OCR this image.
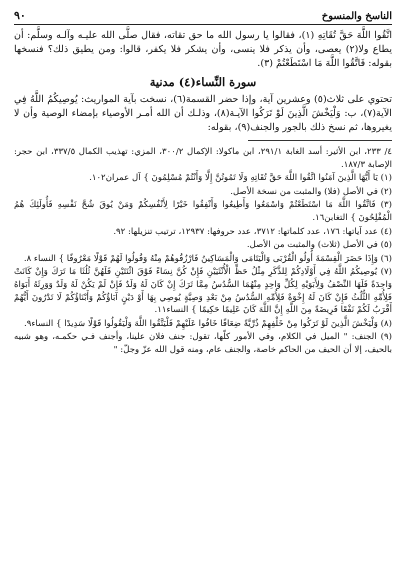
الناسخ والمنسوخ
٩٠

اتَّقُوا اللَّهَ حَقَّ تُقَاتِهِ (١)، فقالوا يا رسول الله ما حق تقاته، فقال صلَّى الله عليـه وآلـه وسلَّم: أن يطاع ولا(٢) يعصى، وأن يذكر فلا ينسى، وأن يشكر فلا يكفر، قالوا: ومن يطيق ذلك؟ فنسخها بقوله: فَاتَّقُوا اللَّهَ مَا اسْتَطَعْتُمْ (٣).

سورة النِّساء(٤) مدنية

تحتوي على ثلاث(٥) وعشرين آية، وإذا حضر القسمة(٦)، نسخت بآية المواريث: يُوصِيكُمُ اللَّهُ فِي الآية(٧)، ب: وَلْيَخْشَ الَّذِينَ لَوْ تَرَكُوا الآيـة(٨)، وذلـك أن الله أمـر الأوصياء بإمضاء الوصية وأن لا يغيروها، ثم نسخ ذلك بالجور والجنف(٩)، بقوله:

٤/ ٢٣٣، ابن الأثير: أسد الغابة ٢٩١/١، ابن ماكولا: الإكمال ٣٠٠/٢، المزي: تهذيب الكمال ٣٣٧/٥، ابن حجر: الإصابة ١٨٧/٣.

(١) يَا أَيُّهَا الَّذِينَ آمَنُوا اتَّقُوا اللَّهَ حَقَّ تُقَاتِهِ وَلَا تَمُوتُنَّ إِلَّا وَأَنْتُمْ مُسْلِمُونَ } آل عمران١٠٢.

(٢) في الأصل (فلا) والمثبت من نسخة الأصل.

(٣) فَاتَّقُوا اللَّهَ مَا اسْتَطَعْتُمْ وَاسْمَعُوا وَأَطِيعُوا وَأَنْفِقُوا خَيْرًا لِأَنْفُسِكُمْ وَمَنْ يُوقَ شُحَّ نَفْسِهِ فَأُولَئِكَ هُمُ الْمُفْلِحُونَ } التغابن١٦.

(٤) عدد آياتها: ١٧٦، عدد كلماتها: ٣٧١٢، عدد حروفها: ١٢٩٣٧، ترتيب تنزيلها: ٩٢.

(٥) في الأصل (ثلاث) والمثبت من الأصل.

(٦) وَإِذَا حَضَرَ الْقِسْمَةَ أُولُو الْقُرْبَى وَالْيَتَامَى وَالْمَسَاكِينُ فَارْزُقُوهُمْ مِنْهُ وَقُولُوا لَهُمْ قَوْلًا مَعْرُوفًا } النساء ٨.

(٧) يُوصِيكُمُ اللَّهُ فِي أَوْلَادِكُمْ لِلذَّكَرِ مِثْلُ حَظِّ الْأُنْثَيَيْنِ فَإِنْ كُنَّ نِسَاءً فَوْقَ اثْنَتَيْنِ فَلَهُنَّ ثُلُثَا مَا تَرَكَ وَإِنْ كَانَتْ وَاحِدَةً فَلَهَا النِّصْفُ وَلِأَبَوَيْهِ لِكُلِّ وَاحِدٍ مِنْهُمَا السُّدُسُ مِمَّا تَرَكَ إِنْ كَانَ لَهُ وَلَدٌ فَإِنْ لَمْ يَكُنْ لَهُ وَلَدٌ وَوَرِثَهُ أَبَوَاهُ فَلِأُمِّهِ الثُّلُثُ فَإِنْ كَانَ لَهُ إِخْوَةٌ فَلِأُمِّهِ السُّدُسُ مِنْ بَعْدِ وَصِيَّةٍ يُوصِي بِهَا أَوْ دَيْنٍ آبَاؤُكُمْ وَأَبْنَاؤُكُمْ لَا تَدْرُونَ أَيُّهُمْ أَقْرَبُ لَكُمْ نَفْعًا فَرِيضَةً مِنَ اللَّهِ إِنَّ اللَّهَ كَانَ عَلِيمًا حَكِيمًا } النساء١١.

(٨) وَلْيَخْشَ الَّذِينَ لَوْ تَرَكُوا مِنْ خَلْفِهِمْ ذُرِّيَّةً ضِعَافًا خَافُوا عَلَيْهِمْ فَلْيَتَّقُوا اللَّهَ وَلْيَقُولُوا قَوْلًا سَدِيدًا } النساء٩.

(٩) الجنف: " الميل في الكلام، وفي الأمور كلّها، تقول: جنف فلان علينا، وأجنف فـي حكمـه، وهو شبيه بالحيف، إلا أن الحيف من الحاكم خاصة، والجنف عام، ومنه قول الله عزّ وجلّ: "
